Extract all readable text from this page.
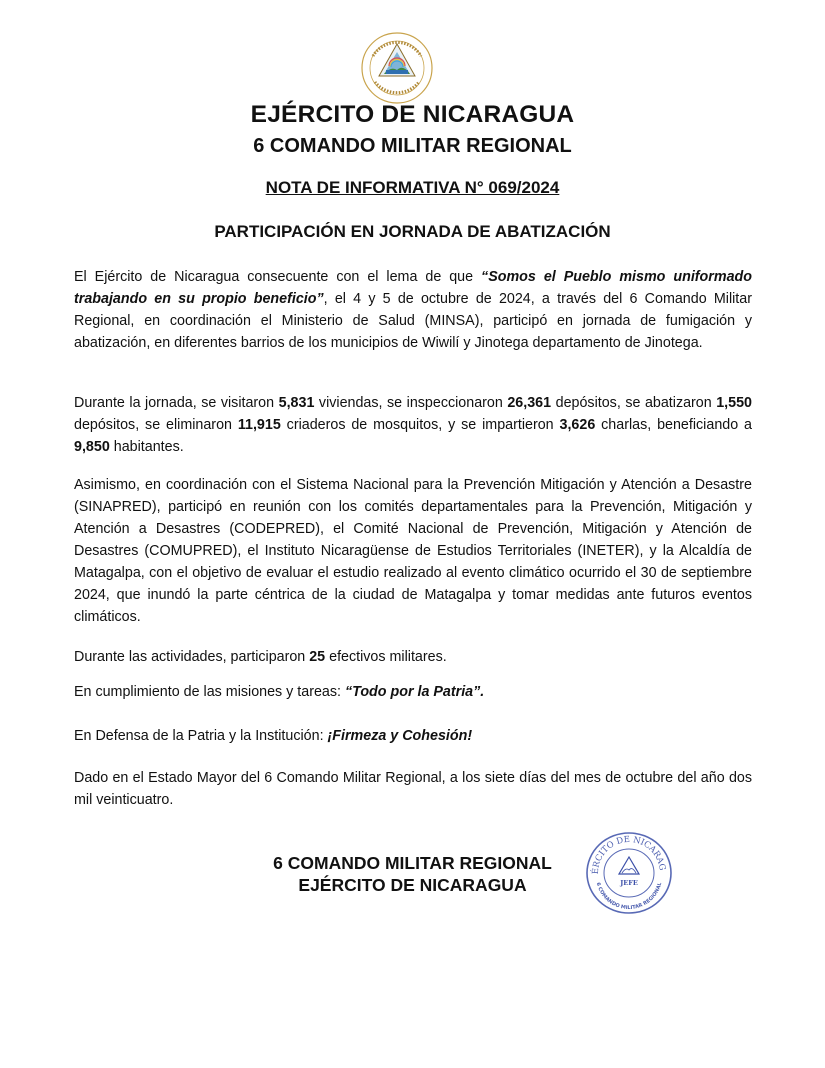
EJÉRCITO DE NICARAGUA
6 COMANDO MILITAR REGIONAL
NOTA DE INFORMATIVA N° 069/2024
PARTICIPACIÓN EN JORNADA DE ABATIZACIÓN
El Ejército de Nicaragua consecuente con el lema de que “Somos el Pueblo mismo uniformado trabajando en su propio beneficio”, el 4 y 5 de octubre de 2024, a través del 6 Comando Militar Regional, en coordinación el Ministerio de Salud (MINSA), participó en jornada de fumigación y abatización, en diferentes barrios de los municipios de Wiwilí y Jinotega departamento de Jinotega.
Durante la jornada, se visitaron 5,831 viviendas, se inspeccionaron 26,361 depósitos, se abatizaron 1,550 depósitos, se eliminaron 11,915 criaderos de mosquitos, y se impartieron 3,626 charlas, beneficiando a 9,850 habitantes.
Asimismo, en coordinación con el Sistema Nacional para la Prevención Mitigación y Atención a Desastre (SINAPRED), participó en reunión con los comités departamentales para la Prevención, Mitigación y Atención a Desastres (CODEPRED), el Comité Nacional de Prevención, Mitigación y Atención de Desastres (COMUPRED), el Instituto Nicaragüense de Estudios Territoriales (INETER), y la Alcaldía de Matagalpa, con el objetivo de evaluar el estudio realizado al evento climático ocurrido el 30 de septiembre 2024, que inundó la parte céntrica de la ciudad de Matagalpa y tomar medidas ante futuros eventos climáticos.
Durante las actividades, participaron 25 efectivos militares.
En cumplimiento de las misiones y tareas: “Todo por la Patria”.
En Defensa de la Patria y la Institución: ¡Firmeza y Cohesión!
Dado en el Estado Mayor del 6 Comando Militar Regional, a los siete días del mes de octubre del año dos mil veinticuatro.
6 COMANDO MILITAR REGIONAL
EJÉRCITO DE NICARAGUA
ÉRCITO DE NICARAG
6 COMANDO MILITAR REGIONAL
JEFE
